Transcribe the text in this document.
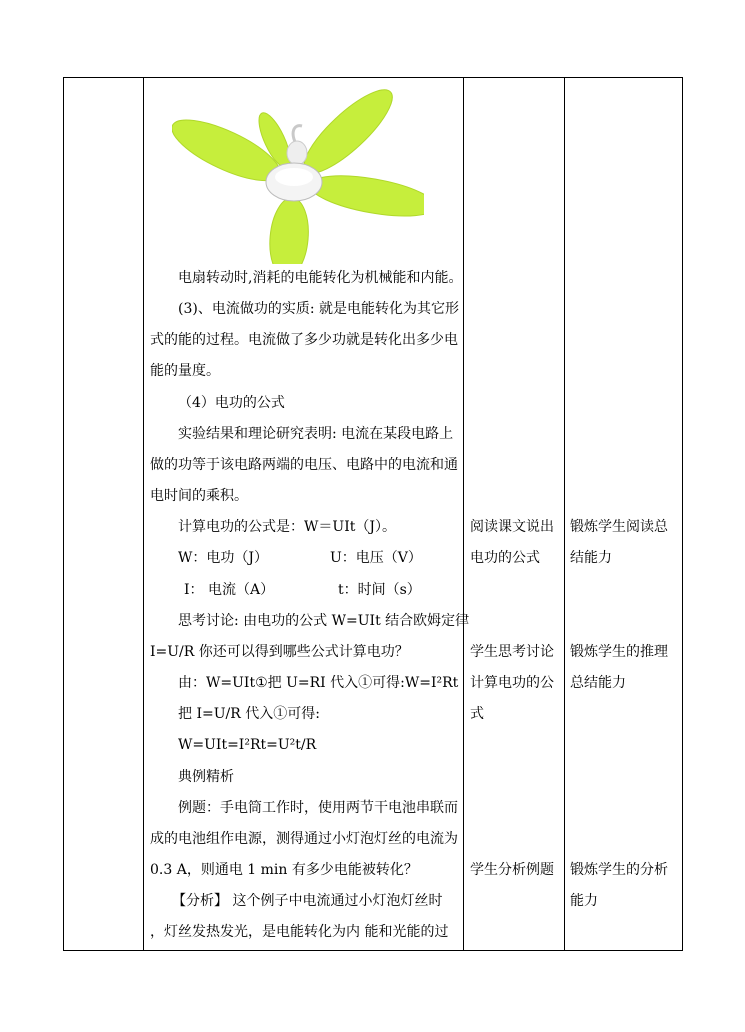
电扇转动时,消耗的电能转化为机械能和内能。
(3)、电流做功的实质: 就是电能转化为其它形
式的能的过程。电流做了多少功就是转化出多少电
能的量度。
（4）电功的公式
实验结果和理论研究表明: 电流在某段电路上
做的功等于该电路两端的电压、电路中的电流和通
电时间的乘积。
计算电功的公式是：W＝UIt（J）。
W：电功（J）	U：电压（V）
I： 电流（A）	t：时间（s）
思考讨论: 由电功的公式 W=UIt 结合欧姆定律
I=U/R 你还可以得到哪些公式计算电功？
由：W=UIt①把 U=RI 代入①可得:W=I²Rt
把 I=U/R 代入①可得:
W=UIt=I²Rt=U²t/R
典例精析
例题：手电筒工作时，使用两节干电池串联而
成的电池组作电源，测得通过小灯泡灯丝的电流为
0.3 A，则通电 1 min 有多少电能被转化？
【分析】 这个例子中电流通过小灯泡灯丝时
，灯丝发热发光，是电能转化为内 能和光能的过
阅读课文说出
电功的公式
学生思考讨论
计算电功的公
式
学生分析例题
锻炼学生阅读总
结能力
锻炼学生的推理
总结能力
锻炼学生的分析
能力
